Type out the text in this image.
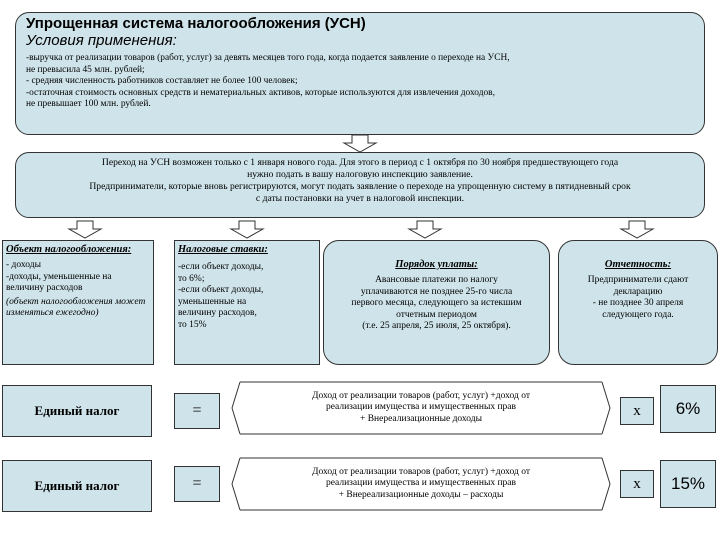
Упрощенная система налогообложения (УСН)
Условия применения:
-выручка от реализации товаров (работ, услуг) за девять месяцев того года, когда подается заявление о переходе на УСН,
не превысила 45 млн. рублей;
- средняя численность работников составляет не более 100 человек;
-остаточная стоимость основных средств и нематериальных активов, которые используются для извлечения доходов,
не превышает 100 млн. рублей.
Переход на УСН возможен только с 1 января нового года. Для этого в период с 1 октября по 30 ноября предшествующего года
нужно подать в вашу налоговую инспекцию заявление.
Предприниматели, которые вновь регистрируются, могут подать заявление о переходе на упрощенную систему в пятидневный срок
с даты постановки на учет в налоговой инспекции.
Объект налогообложения:
- доходы
-доходы, уменьшенные на величину расходов
(объект налогообложения может изменяться ежегодно)
Налоговые ставки:
-если объект доходы,
то 6%;
-если объект доходы,
уменьшенные на
величину расходов,
то 15%
Порядок уплаты:
Авансовые платежи по налогу
уплачиваются не позднее 25-го числа
первого месяца, следующего за истекшим
отчетным периодом
(т.е. 25 апреля, 25 июля, 25 октября).
Отчетность:
Предприниматели сдают
декларацию
- не позднее 30 апреля
следующего года.
Единый налог	=
Доход от реализации товаров (работ, услуг) +доход от
реализации имущества и имущественных прав
+ Внереализационные доходы
x	6%
Единый налог	=
Доход от реализации товаров (работ, услуг) +доход от
реализации имущества и имущественных прав
+ Внереализационные доходы – расходы
x	15%
